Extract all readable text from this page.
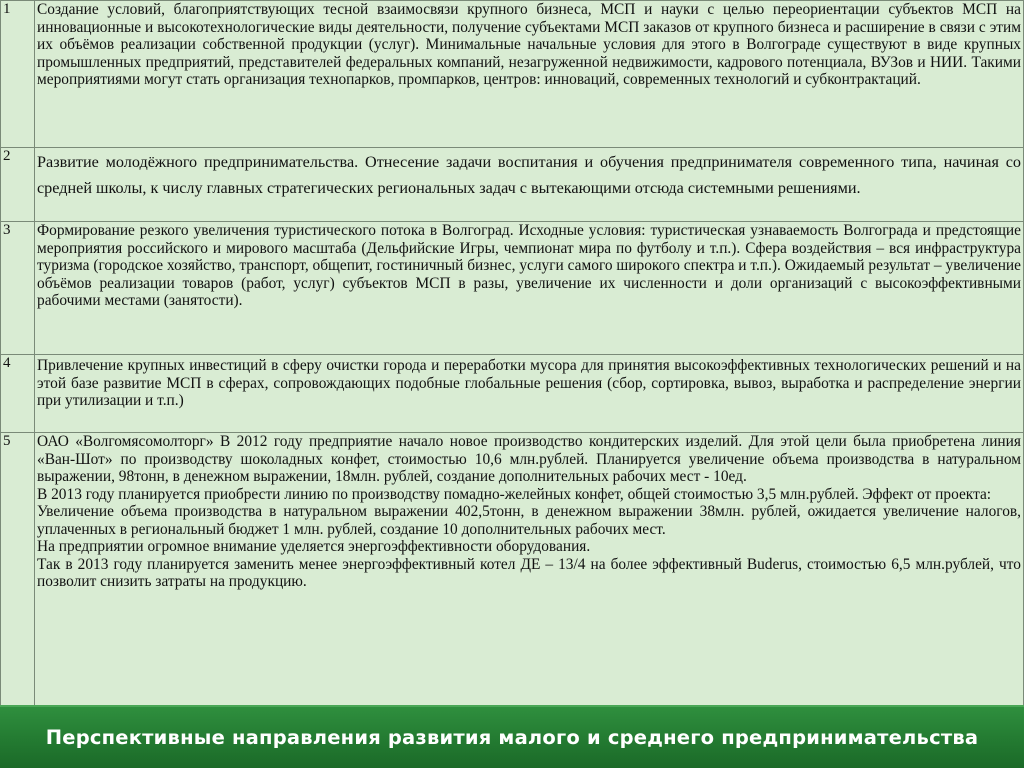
1	Создание условий, благоприятствующих тесной взаимосвязи крупного бизнеса, МСП и науки с целью переориентации субъектов МСП на инновационные и высокотехнологические виды деятельности, получение субъектами МСП заказов от крупного бизнеса и расширение в связи с этим их объёмов реализации собственной продукции (услуг). Минимальные начальные условия для этого в Волгограде существуют в виде крупных промышленных предприятий, представителей федеральных компаний, незагруженной недвижимости, кадрового потенциала, ВУЗов и НИИ. Такими мероприятиями могут стать организация технопарков, промпарков, центров: инноваций, современных технологий и субконтрактаций.

2	Развитие молодёжного предпринимательства. Отнесение задачи воспитания и обучения предпринимателя современного типа, начиная со средней школы, к числу главных стратегических региональных задач с вытекающими отсюда системными решениями.

3	Формирование резкого увеличения туристического потока в Волгоград. Исходные условия: туристическая узнаваемость Волгограда и предстоящие мероприятия российского и мирового масштаба (Дельфийские Игры, чемпионат мира по футболу и т.п.). Сфера воздействия – вся инфраструктура туризма (городское хозяйство, транспорт, общепит, гостиничный бизнес, услуги самого широкого спектра и т.п.). Ожидаемый результат – увеличение объёмов реализации товаров (работ, услуг) субъектов МСП в разы, увеличение их численности и доли организаций с высокоэффективными рабочими местами (занятости).

4	Привлечение крупных инвестиций в сферу очистки города и переработки мусора для принятия высокоэффективных технологических решений и на этой базе развитие МСП в сферах, сопровождающих подобные глобальные решения (сбор, сортировка, вывоз, выработка и распределение энергии при утилизации и т.п.)

5	ОАО «Волгомясомолторг» В 2012 году предприятие начало новое производство кондитерских изделий. Для этой цели была приобретена линия «Ван-Шот» по производству шоколадных конфет, стоимостью 10,6 млн.рублей. Планируется увеличение объема производства в натуральном выражении, 98тонн, в денежном выражении, 18млн. рублей, создание дополнительных рабочих мест - 10ед.

В 2013 году планируется приобрести линию по производству помадно-желейных конфет, общей стоимостью 3,5 млн.рублей. Эффект от проекта:

Увеличение объема производства в натуральном выражении 402,5тонн, в денежном выражении 38млн. рублей, ожидается увеличение налогов, уплаченных в региональный бюджет 1 млн. рублей, создание 10 дополнительных рабочих мест.

На предприятии огромное внимание уделяется энергоэффективности оборудования.

Так в 2013 году планируется заменить менее энергоэффективный котел ДЕ – 13/4 на более эффективный Buderus, стоимостью 6,5 млн.рублей, что позволит снизить затраты на продукцию.

Перспективные направления развития малого и среднего предпринимательства
